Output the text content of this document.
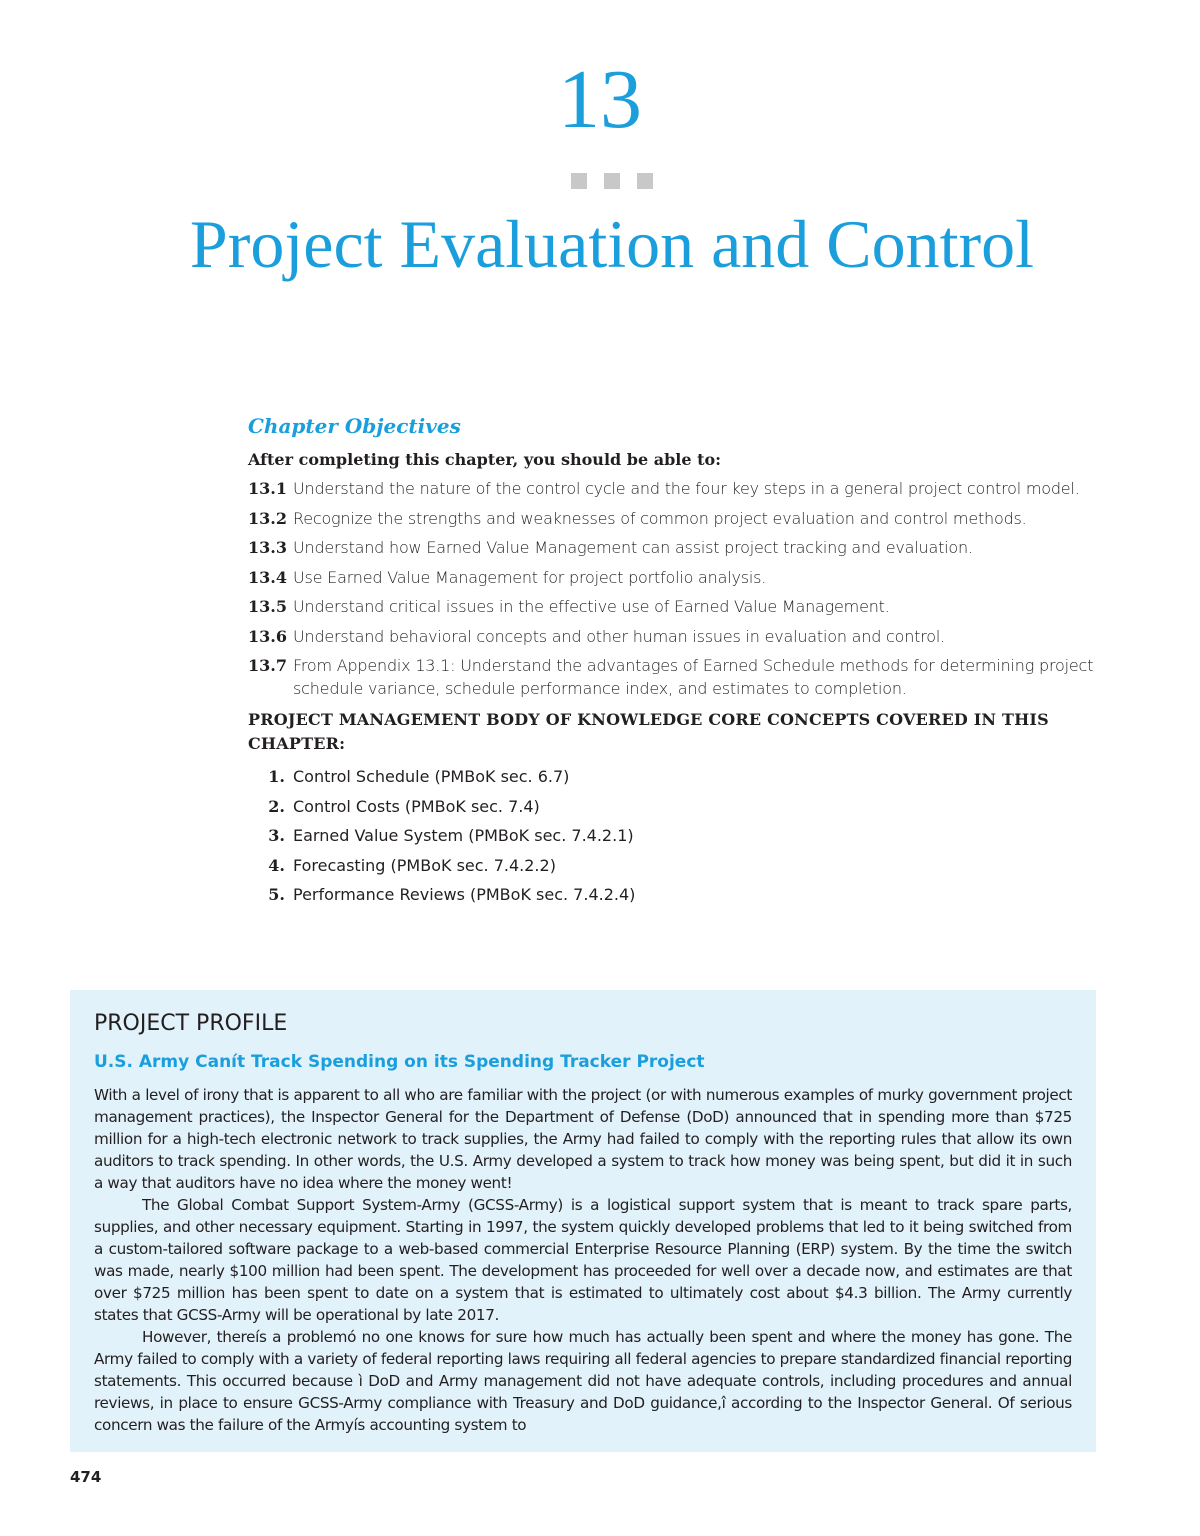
13
Project Evaluation and Control
Chapter Objectives
After completing this chapter, you should be able to:
13.1 Understand the nature of the control cycle and the four key steps in a general project control model.
13.2 Recognize the strengths and weaknesses of common project evaluation and control methods.
13.3 Understand how Earned Value Management can assist project tracking and evaluation.
13.4 Use Earned Value Management for project portfolio analysis.
13.5 Understand critical issues in the effective use of Earned Value Management.
13.6 Understand behavioral concepts and other human issues in evaluation and control.
13.7 From Appendix 13.1: Understand the advantages of Earned Schedule methods for determining project schedule variance, schedule performance index, and estimates to completion.
PROJECT MANAGEMENT BODY OF KNOWLEDGE CORE CONCEPTS COVERED IN THIS CHAPTER:
1. Control Schedule (PMBoK sec. 6.7)
2. Control Costs (PMBoK sec. 7.4)
3. Earned Value System (PMBoK sec. 7.4.2.1)
4. Forecasting (PMBoK sec. 7.4.2.2)
5. Performance Reviews (PMBoK sec. 7.4.2.4)
PROJECT PROFILE
U.S. Army Canít Track Spending on its Spending Tracker Project

With a level of irony that is apparent to all who are familiar with the project (or with numerous examples of murky government project management practices), the Inspector General for the Department of Defense (DoD) announced that in spending more than $725 million for a high-tech electronic network to track supplies, the Army had failed to comply with the reporting rules that allow its own auditors to track spending. In other words, the U.S. Army developed a system to track how money was being spent, but did it in such a way that auditors have no idea where the money went!

The Global Combat Support System-Army (GCSS-Army) is a logistical support system that is meant to track spare parts, supplies, and other necessary equipment. Starting in 1997, the system quickly developed problems that led to it being switched from a custom-tailored software package to a web-based commercial Enterprise Resource Planning (ERP) system. By the time the switch was made, nearly $100 million had been spent. The development has proceeded for well over a decade now, and estimates are that over $725 million has been spent to date on a system that is estimated to ultimately cost about $4.3 billion. The Army currently states that GCSS-Army will be operational by late 2017.

However, thereís a problemó no one knows for sure how much has actually been spent and where the money has gone. The Army failed to comply with a variety of federal reporting laws requiring all federal agencies to prepare standardized financial reporting statements. This occurred because ì DoD and Army management did not have adequate controls, including procedures and annual reviews, in place to ensure GCSS-Army compliance with Treasury and DoD guidance,î according to the Inspector General. Of serious concern was the failure of the Armyís accounting system to

474
